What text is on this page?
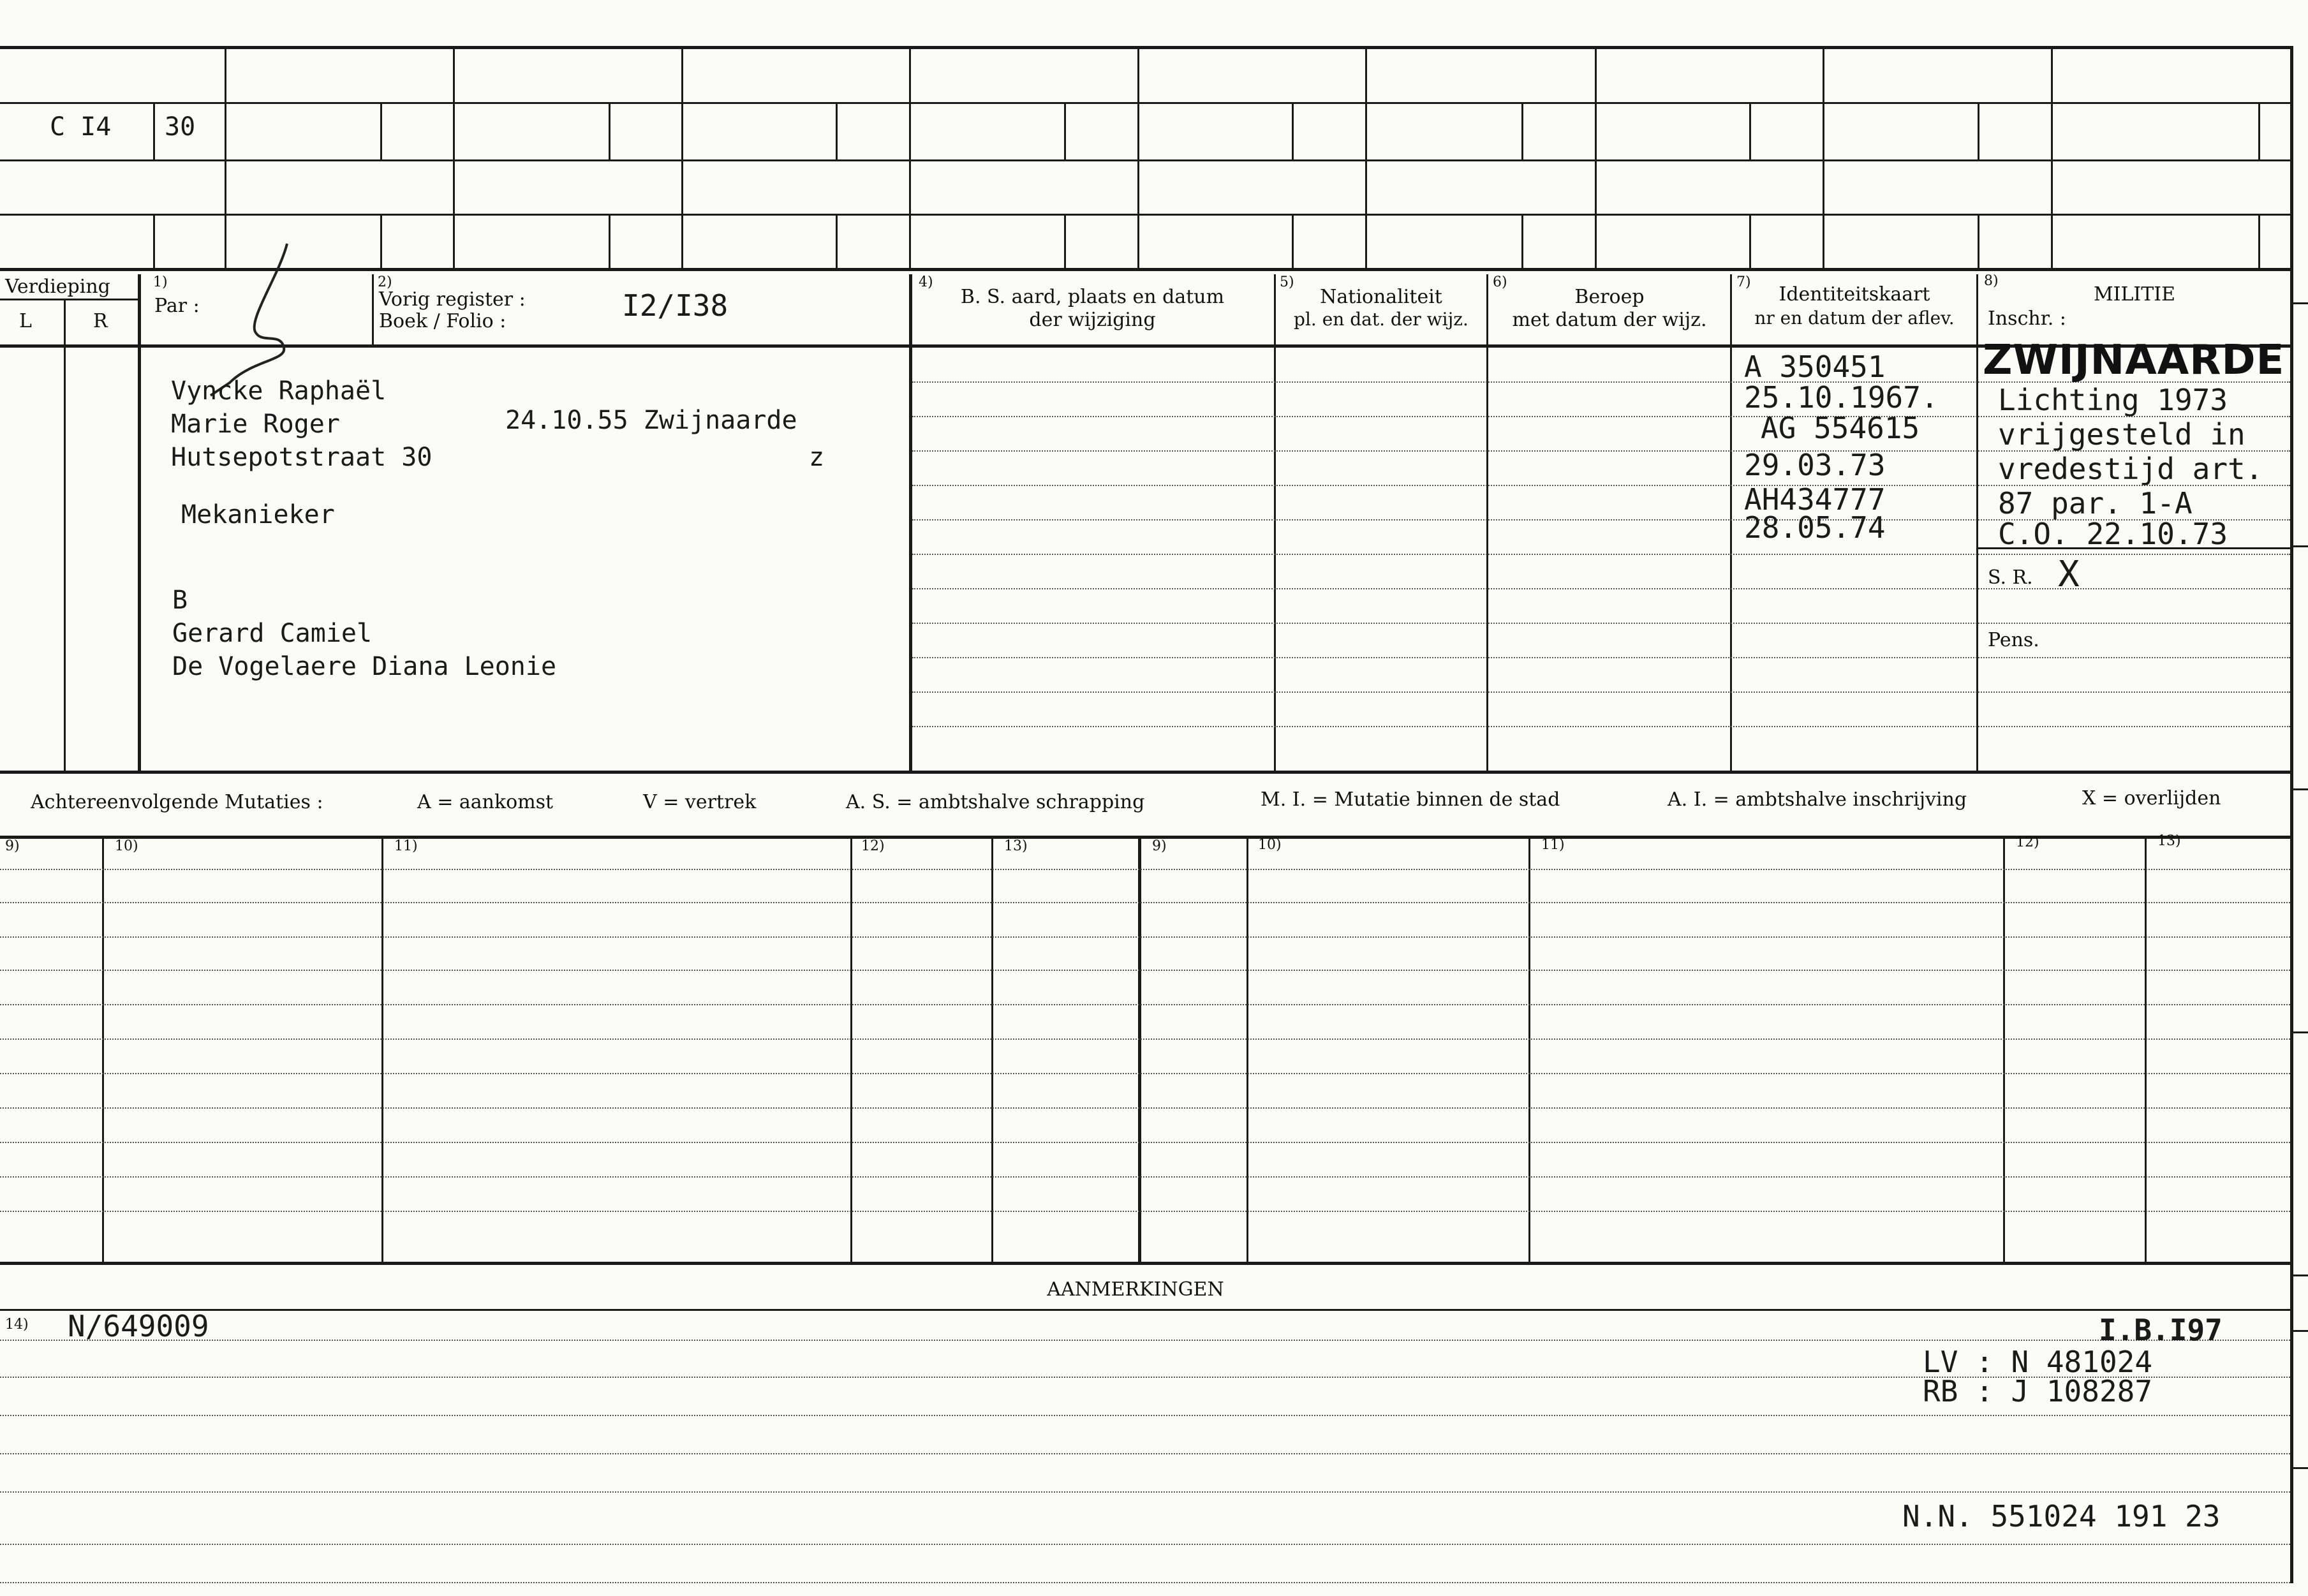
C I4 30
Verdieping
L	R
1)
Par :
2)
Vorig register :
Boek / Folio :	I2/I38
4)
B. S. aard, plaats en datum
der wijziging
5)
Nationaliteit
pl. en dat. der wijz.
6)
Beroep
met datum der wijz.
7)
Identiteitskaart
nr en datum der aflev.
8)
MILITIE
Inschr. :
Vyncke Raphaël
Marie Roger	24.10.55 Zwijnaarde
Hutsepotstraat 30	z
Mekanieker
B
Gerard Camiel
De Vogelaere Diana Leonie
A 350451
25.10.1967.
AG 554615
29.03.73
AH434777
28.05.74
ZWIJNAARDE
Lichting 1973
vrijgesteld in
vredestijd art.
87 par. 1-A
C.O. 22.10.73
S. R. X
Pens.
Achtereenvolgende Mutaties :	A = aankomst	V = vertrek	A. S. = ambtshalve schrapping	M. I. = Mutatie binnen de stad	A. I. = ambtshalve inschrijving	X = overlijden
9)	10)	11)	12)	13)	9)	10)	11)	12)	13)
AANMERKINGEN
14) N/649009	I.B.I97
LV : N 481024
RB : J 108287
N.N. 551024 191 23
